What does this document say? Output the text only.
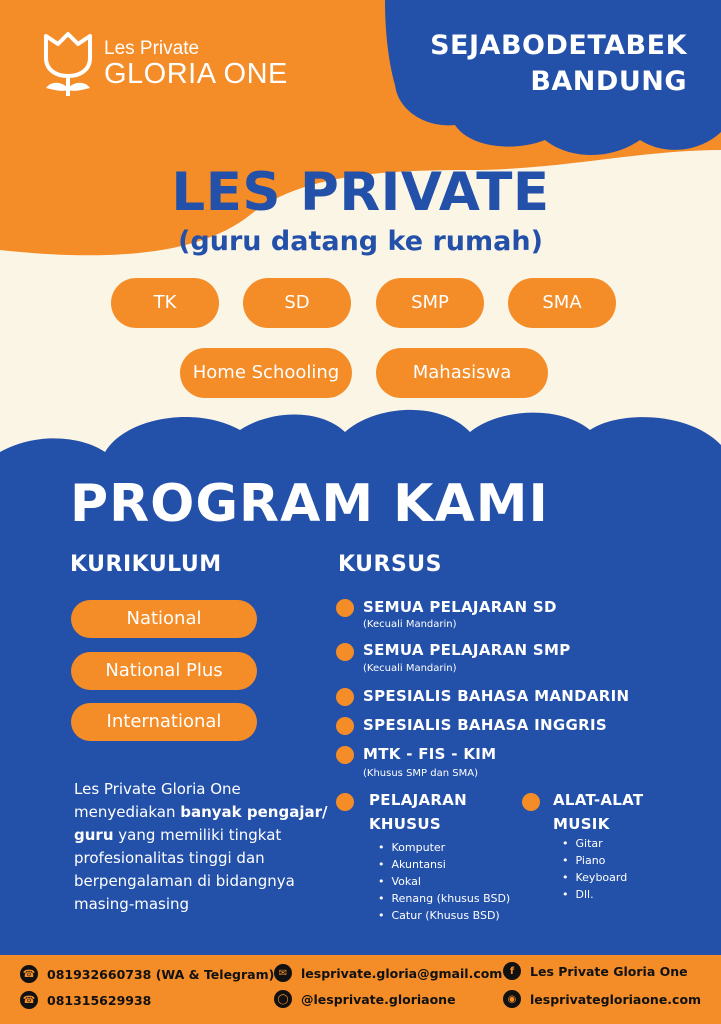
Les Private
GLORIA ONE
SEJABODETABEK
BANDUNG
LES PRIVATE
(guru datang ke rumah)
TK	SD	SMP	SMA
Home Schooling	Mahasiswa
PROGRAM KAMI
KURIKULUM	KURSUS
National
National Plus
International
Les Private Gloria One menyediakan banyak pengajar/ guru yang memiliki tingkat profesionalitas tinggi dan berpengalaman di bidangnya masing-masing
SEMUA PELAJARAN SD
(Kecuali Mandarin)
SEMUA PELAJARAN SMP
(Kecuali Mandarin)
SPESIALIS BAHASA MANDARIN
SPESIALIS BAHASA INGGRIS
MTK - FIS - KIM
(Khusus SMP dan SMA)
PELAJARAN
KHUSUS
• Komputer
• Akuntansi
• Vokal
• Renang (khusus BSD)
• Catur (Khusus BSD)
ALAT-ALAT
MUSIK
• Gitar
• Piano
• Keyboard
• Dll.
☎ 081932660738 (WA & Telegram)
☎ 081315629938
✉	lesprivate.gloria@gmail.com
◯ @lesprivate.gloriaone
f	Les Private Gloria One
◉	lesprivategloriaone.com
